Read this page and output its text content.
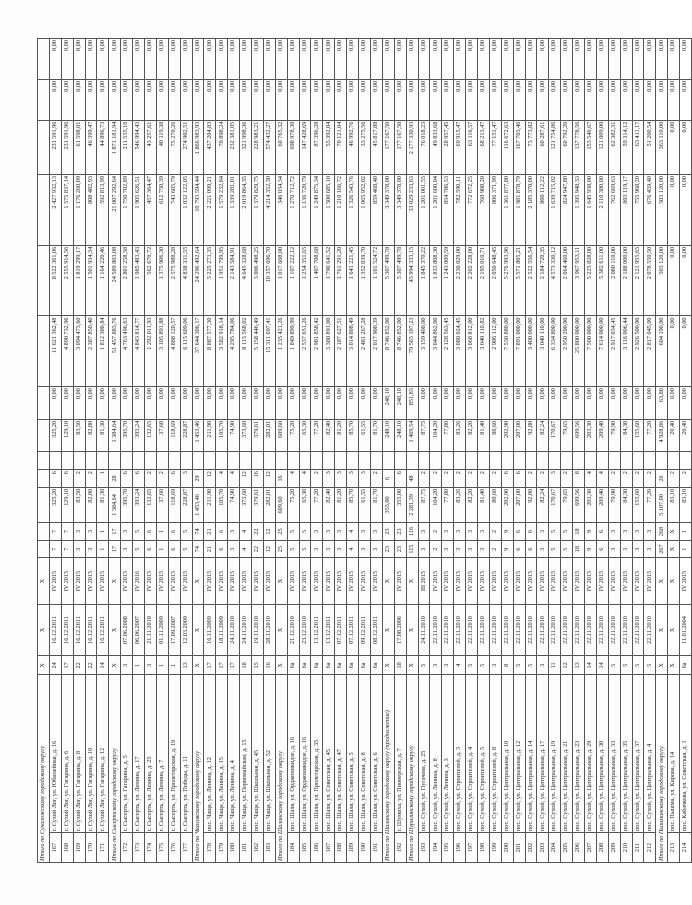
Итого по Сухоложскому городскому округу		Х	Х	Х													
167	г. Сухой Лог, ул. Юбилейная, д. 16	24	16.12.2011	IV 2015	7	7	325,20	6		325,20	0,00	11 621 362,48	8 522 361,06	2 427 932,13	231 591,96	0,00	0,00
168	г. Сухой Лог, ул. Гагарина, д. 6	17	16.12.2011	IV 2015	7	7	129,10	6		129,10	0,00	4 890 732,96	2 555 914,56	1 575 837,14	231 591,96	0,00	0,00
169	г. Сухой Лог, ул. Гагарина, д. 8	22	16.12.2011	IV 2015	3	3	83,50	2		83,50	0,00	3 094 473,60	1 819 299,17	1 176 260,09	61 598,01	0,00	0,00
170	г. Сухой Лог, ул. Гагарина, д. 10	22	16.12.2011	IV 2015	3	3	82,80	2		82,80	0,00	2 387 850,40	1 501 934,34	808 482,93	46 399,47	0,00	0,00
171	г. Сухой Лог, ул. Гагарина, д. 12	14	16.12.2011	IV 2015	1	1	81,30	1		81,30	0,00	1 812 300,84	1 164 220,46	592 813,99	44 896,73	0,00	0,00
Итого по Сысертскому городскому округу		Х	Х	Х	17	17	1 384,64	28		1 384,64	0,00	51 457 883,76	24 589 803,08	21 007 292,64	1 871 181,94	0,00	0,00
172	г. Сысерть, ул. Гагарина, д. 5	3	07.06.2008	IV 2015	3	3	395,70	6		395,70	0,00	4 763 496,63	2 801 258,58	1 750 702,89	211 535,16	0,00	0,00
173	г. Сысерть, ул. Ленина, д. 17	1	06.06.2007	IV 2016	5	5	393,24	6		393,24	0,00	4 843 814,77	1 985 483,43	1 905 626,51	546 994,43	0,00	0,00
174	г. Сысерть, ул. Ленина, д. 25	3	21.11.2010	IV 2015	6	6	132,65	2		132,65	0,00	1 292 011,93	562 670,72	457 364,47	43 257,61	0,00	0,00
175	г. Сысерть, ул. Ленина, д. 7	1	01.11.2009	IV 2015	1	1	37,60	2		37,60	0,00	3 105 891,88	1 375 906,30	612 750,39	40 119,38	0,00	0,00
176	г. Сысерть, ул. Пролетарская, д. 19	1	17.09.2007	IV 2015	6	6	118,69	6		118,69	0,00	4 888 120,57	2 575 988,28	743 605,79	75 270,26	0,00	0,00
177	г. Сысерть, ул. Победы, д. 11	13	12.03.2009	IV 2015	5	5	228,87	3		228,87	0,00	6 115 609,06	4 838 331,55	1 032 122,05	274 902,51	0,00	0,00
Итого по Чкаловскому городскому округу		Х	Х	Х	74	74	1 453,46	29		1 453,46	0,00	37 644 306,17	24 296 492,64	10 793 594,44	1 866 983,93	0,00	0,00
178	пос. Чаща, ул. Ленина, д. 12	17	16.11.2009	IV 2015	21	21	211,90	12		211,90	0,00	8 887 577,30	5 225 273,35	2 221 099,21	437 204,83	0,00	0,00
179	пос. Чаща, ул. Ленина, д. 15	17	18.11.2009	IV 2015	6	6	105,70	4		105,70	0,00	3 582 918,14	1 951 799,95	1 579 232,84	70 898,24	0,00	0,00
180	пос. Чаща, ул. Ленина, д. 4	17	24.11.2010	IV 2015	3	3	74,90	4		74,90	0,00	4 295 784,06	2 143 584,91	1 339 281,01	232 381,05	0,00	0,00
181	пос. Чаща, ул. Первомайская, д. 15	18	24.11.2010	IV 2015	4	4	373,60	12		373,60	0,00	8 115 568,02	4 645 328,68	2 019 864,35	321 998,36	0,00	0,00
182	пос. Чаща, ул. Школьная, д. 45	15	19.11.2010	IV 2015	22	22	379,61	16		379,61	0,00	5 158 446,49	3 006 498,25	1 379 829,75	228 983,21	0,00	0,00
183	пос. Чаща, ул. Школьная, д. 52	16	28.11.2010	IV 2015	12	12	282,01	12		282,01	0,00	15 311 697,41	10 357 696,70	4 214 352,30	574 432,27	0,00	0,00
Итого по Шалинскому городскому округу		Х	Х	Х	25	25	609,60	16		609,60	0,00	1 235 421,26	1 017 608,00	346 034,34	60 765,32	0,00	0,00
184	пос. Шаля, ул. Орджоникидзе, д. 16	6а	21.12.2010	IV 2015	5	5	75,20	4		75,20	0,00	1 849 899,99	1 107 222,12	1 270 712,72	698 978,30	0,00	0,00
185	пос. Шаля, ул. Орджоникидзе, д. 16	6а	23.12.2010	IV 2015	5	5	65,30	4		65,30	0,00	2 537 651,26	1 254 351,65	1 136 720,79	147 428,69	0,00	0,00
186	пос. Шаля, ул. Пролетарская, д. 35	6а	13.12.2011	IV 2015	3	3	77,20	2		77,20	0,00	2 981 858,42	1 407 708,68	1 249 875,34	87 396,28	0,00	0,00
187	пос. Шаля, ул. Советская, д. 45	6а	13.12.2011	IV 2015	3	3	82,40	3		82,40	0,00	3 380 891,00	1 790 641,52	1 500 685,10	55 392,04	0,00	0,00
188	пос. Шаля, ул. Советская, д. 47	6а	07.12.2011	IV 2015	3	3	81,20	3		81,20	0,00	2 187 627,51	1 761 291,20	1 210 166,72	70 121,04	0,00	0,00
189	пос. Шаля, ул. Советская, д. 5	6а	07.12.2011	IV 2015	4	4	85,70	3		85,70	0,00	3 014 808,49	1 641 221,45	1 326 543,76	46 992,76	0,00	0,00
190	пос. Шаля, ул. Советская, д. 8	6а	09.12.2011	IV 2015	3	3	61,55	3		61,55	0,00	2 481 267,28	1 352 039,70	1 065 952,02	33 275,56	0,00	0,00
191	пос. Шаля, ул. Советская, д. 6	6а	08.12.2011	IV 2015	3	3	81,70	2		81,70	0,00	2 017 900,39	1 101 524,72	859 468,40	45 817,88	0,00	0,00
Итого по Шалинскому городскому округу (продолжение)		Х	Х	Х	23	23	355,00	6		248,10	248,10	8 746 852,00	5 307 499,78	3 349 378,00	177 167,50	0,00	0,00
192	г. Шумиха, ул. Пионерская, д. 7	18	17.08.2006	IV 2015	23	23	355,00	6		248,10	248,10	8 746 852,00	5 307 499,78	3 349 378,00	177 167,50	0,00	0,00
Итого по Шуралинскому городскому округу		Х	Х	Х	115	116	2 281,39	48		1 469,54	851,83	79 565 107,23	43 994 333,15	33 029 233,63	2 177 330,93	0,00	0,00
193	пос. Сухой, ул. Пугачева, д. 25	5	24.11.2010	III 2015	3	3	87,75	2		87,75	0,00	3 159 400,00	1 845 370,22	1 201 001,55	76 018,23	0,00	0,00
194	пос. Сухой, ул. Ленина, д. 8	3	22.11.2010	IV 2015	2	2	104,20	2		104,20	0,00	3 044 862,00	1 833 808,30	1 201 600,04	49 833,68	0,00	0,00
195	пос. Сухой, ул. Ленина, д. 3	3	22.11.2010	IV 2015	3	3	77,80	2		77,80	0,00	2 128 563,45	1 243 009,59	854 786,53	28 957,45	0,00	0,00
196	пос. Сухой, ул. Строителей, д. 3	4	22.11.2010	IV 2015	3	3	83,26	2		83,26	0,00	3 080 024,45	2 230 029,00	782 590,11	69 915,47	0,00	0,00
197	пос. Сухой, ул. Строителей, д. 4	5	22.11.2010	IV 2015	3	3	82,20	2		82,20	0,00	3 068 812,00	2 202 228,00	772 672,25	63 116,57	0,00	0,00
198	пос. Сухой, ул. Строителей, д. 5	5	22.11.2010	IV 2015	3	3	81,40	2		81,40	0,00	3 040 110,82	2 195 010,71	760 908,20	68 213,47	0,00	0,00
199	пос. Сухой, ул. Строителей, д. 8	3	22.11.2010	IV 2015	2	2	80,60	2		80,60	0,00	2 986 112,00	2 050 648,45	806 371,99	77 151,47	0,00	0,00
200	пос. Сухой, ул. Центральная, д. 10	8	22.11.2010	IV 2015	9	9	202,90	6		202,90	0,00	7 530 880,00	5 276 993,96	1 361 877,80	116 672,63	0,00	0,00
201	пос. Сухой, ул. Центральная, д. 12	5	22.11.2010	IV 2015	6	6	207,00	6		207,00	0,00	7 891 000,00	5 571 805,21	1 981 878,79	167 703,46	0,00	0,00
202	пос. Сухой, ул. Центральная, д. 14	5	22.11.2010	IV 2015	6	6	92,80	2		92,80	0,00	3 400 000,00	2 522 556,54	2 185 370,00	73 773,82	0,00	0,00
203	пос. Сухой, ул. Центральная, д. 17	3	22.11.2010	IV 2015	3	3	82,24	2		82,24	0,00	3 040 110,00	2 184 720,35	800 112,22	60 287,61	0,00	0,00
204	пос. Сухой, ул. Центральная, д. 19	11	22.11.2010	IV 2015	5	5	170,67	3		170,67	0,00	6 334 800,00	4 573 330,12	1 639 715,02	121 754,86	0,00	0,00
205	пос. Сухой, ул. Центральная, д. 21	12	22.11.2010	IV 2015	5	5	79,65	2		79,65	0,00	2 950 200,00	2 064 460,00	824 947,80	60 792,20	0,00	0,00
206	пос. Сухой, ул. Центральная, д. 23	13	22.11.2010	IV 2015	18	18	699,56	8		699,56	0,00	25 800 000,00	3 967 953,11	1 395 948,33	137 778,56	0,00	0,00
207	пос. Сухой, ул. Центральная, д. 29	14	22.11.2010	IV 2015	9	9	203,30	4		203,30	0,00	7 500 000,00	5 225 828,00	1 645 938,00	153 546,67	0,00	0,00
208	пос. Сухой, ул. Центральная, д. 30	14	22.11.2010	IV 2015	6	6	209,40	4		209,40	0,00	7 614 000,00	5 382 611,00	2 110 380,00	121 009,00	0,00	0,00
209	пос. Сухой, ул. Центральная, д. 33	5	22.11.2010	IV 2015	3	3	79,90	2		79,90	0,00	2 917 034,45	2 080 110,00	762 669,63	62 382,31	0,00	0,00
210	пос. Сухой, ул. Центральная, д. 35	5	22.11.2010	IV 2015	3	3	84,30	2		84,30	0,00	3 116 006,44	2 188 000,00	803 119,17	59 314,12	0,00	0,00
211	пос. Сухой, ул. Центральная, д. 37	5	22.11.2010	IV 2015	3	3	155,60	2		155,60	0,00	2 926 500,00	2 121 955,65	755 968,20	63 411,17	0,00	0,00
212	пос. Сухой, ул. Центральная, д. 4	5	22.11.2010	IV 2015	3	3	77,20	2		77,20	0,00	2 817 045,00	2 078 550,50	676 459,40	51 200,54	0,00	0,00
Итого по Пышминскому городскому округу		Х	Х	Х	267	268	5 107,00	26		4 928,86	63,80	604 190,00	503 120,00	503 120,00	363 110,00	0,00	0,00
213	пос. Пышма, ул. Кирова, д. 14	Х	Х	Х	Х	Х	83,10	2		20,40	0,00	0,00	0,00	0,00	0,00	0,00	0,00
214	пос. Кабачкова, ул. Советская, д. 1	6а	11.01.2004	IV 2015	1	1	83,10	2		20,40	0,00	0,00	0,00	0,00	0,00	0,00	0,00
